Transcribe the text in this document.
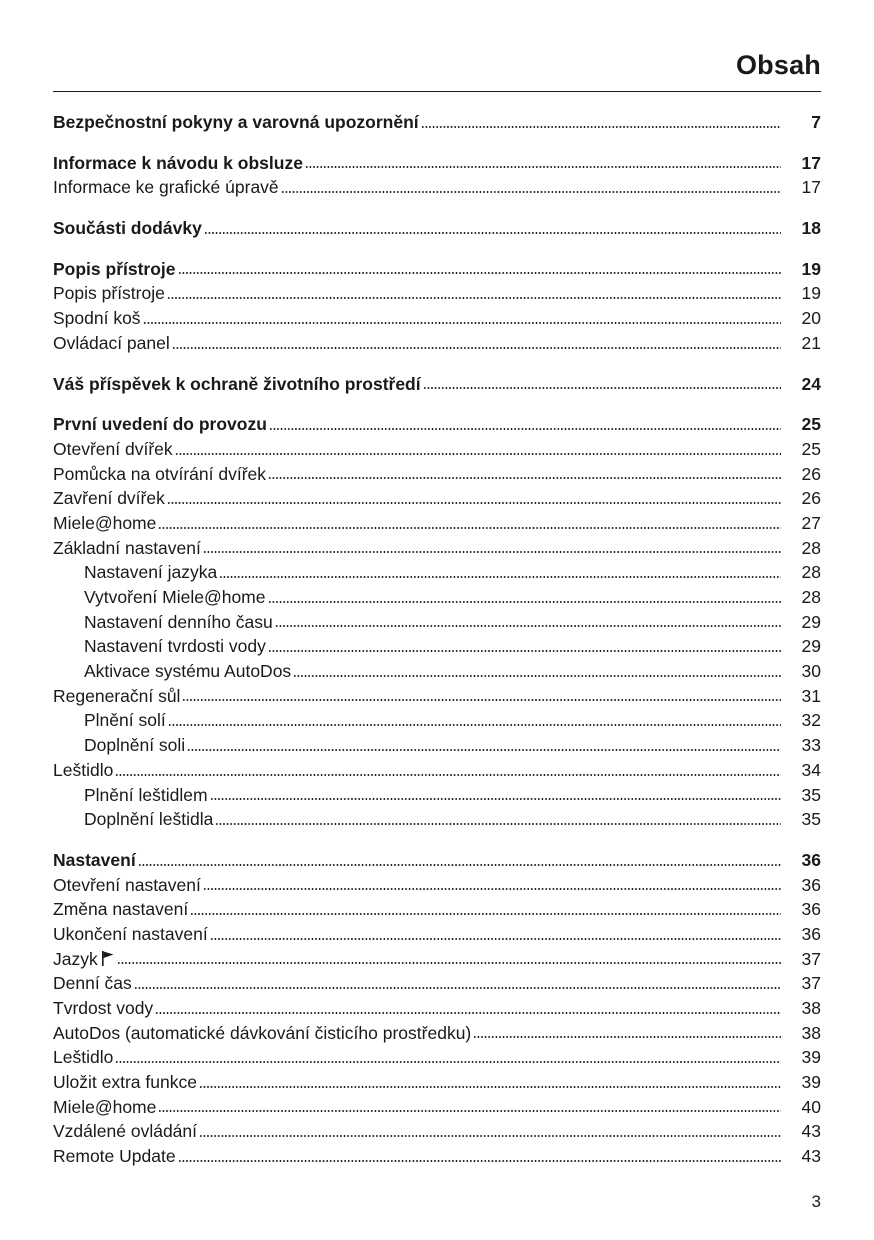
Obsah
Bezpečnostní pokyny a varovná upozornění	7
Informace k návodu k obsluze	17
Informace ke grafické úpravě	17
Součásti dodávky	18
Popis přístroje	19
Popis přístroje	19
Spodní koš	20
Ovládací panel	21
Váš příspěvek k ochraně životního prostředí	24
První uvedení do provozu	25
Otevření dvířek	25
Pomůcka na otvírání dvířek	26
Zavření dvířek	26
Miele@home	27
Základní nastavení	28
Nastavení jazyka	28
Vytvoření Miele@home	28
Nastavení denního času	29
Nastavení tvrdosti vody	29
Aktivace systému AutoDos	30
Regenerační sůl	31
Plnění solí	32
Doplnění soli	33
Leštidlo	34
Plnění leštidlem	35
Doplnění leštidla	35
Nastavení	36
Otevření nastavení	36
Změna nastavení	36
Ukončení nastavení	36
Jazyk	37
Denní čas	37
Tvrdost vody	38
AutoDos (automatické dávkování čisticího prostředku)	38
Leštidlo	39
Uložit extra funkce	39
Miele@home	40
Vzdálené ovládání	43
Remote Update	43
3
